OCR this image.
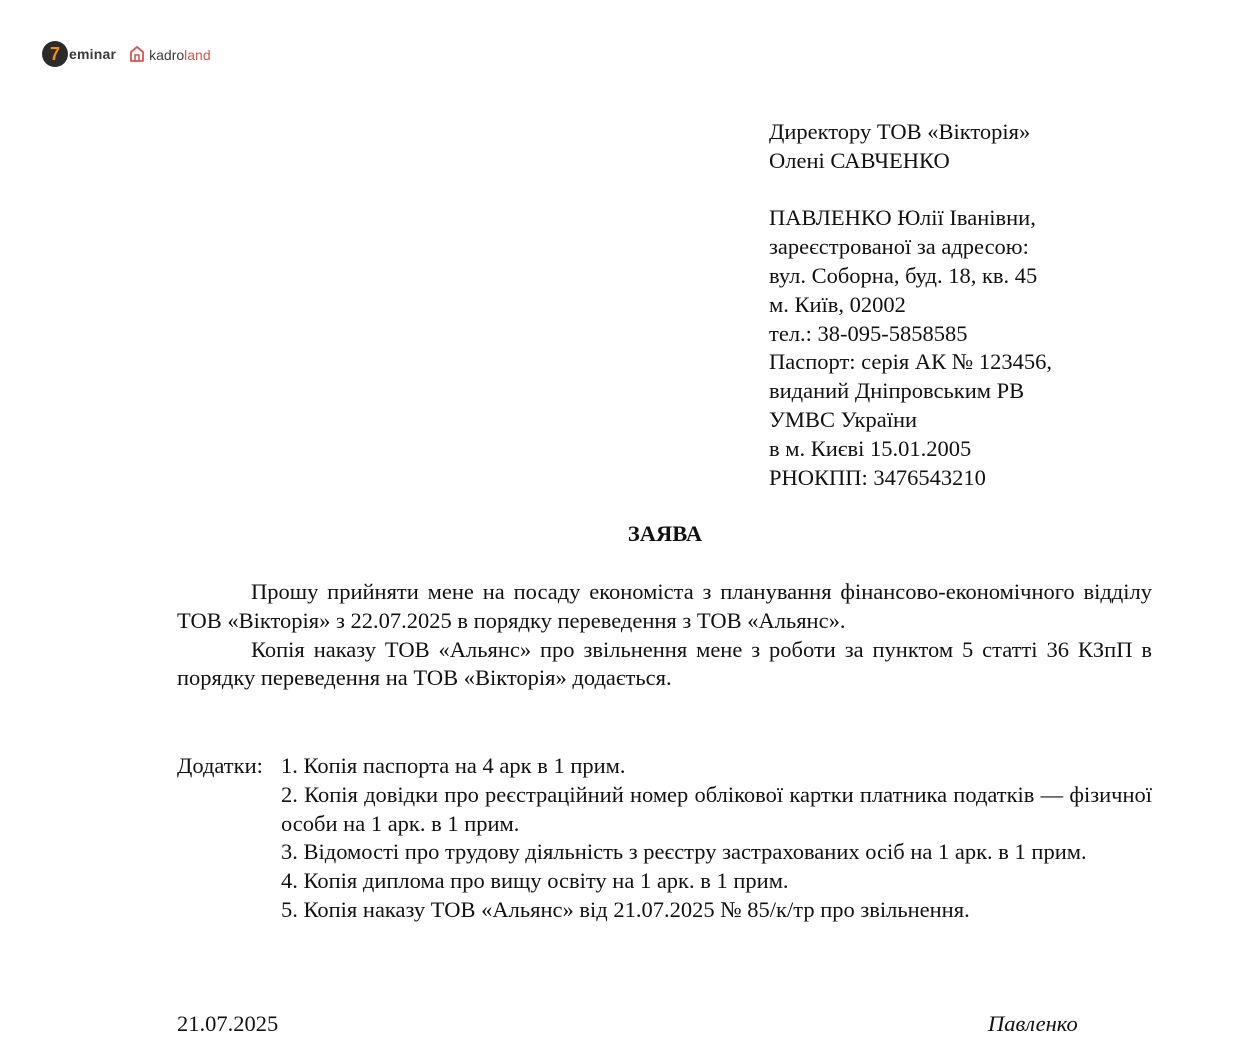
7 eminar kadroland
Директору ТОВ «Вікторія»
Олені САВЧЕНКО
ПАВЛЕНКО Юлії Іванівни,
зареєстрованої за адресою:
вул. Соборна, буд. 18, кв. 45
м. Київ, 02002
тел.: 38-095-5858585
Паспорт: серія АК № 123456,
виданий Дніпровським РВ
УМВС України
в м. Києві 15.01.2005
РНОКПП: 3476543210
ЗАЯВА

Прошу прийняти мене на посаду економіста з планування фінансово-економічного відділу ТОВ «Вікторія» з 22.07.2025 в порядку переведення з ТОВ «Альянс».

Копія наказу ТОВ «Альянс» про звільнення мене з роботи за пунктом 5 статті 36 КЗпП в порядку переведення на ТОВ «Вікторія» додається.

Додатки: 1. Копія паспорта на 4 арк в 1 прим.
2. Копія довідки про реєстраційний номер облікової картки платника податків — фізичної особи на 1 арк. в 1 прим.
3. Відомості про трудову діяльність з реєстру застрахованих осіб на 1 арк. в 1 прим.
4. Копія диплома про вищу освіту на 1 арк. в 1 прим.
5. Копія наказу ТОВ «Альянс» від 21.07.2025 № 85/к/тр про звільнення.
21.07.2025	Павленко
